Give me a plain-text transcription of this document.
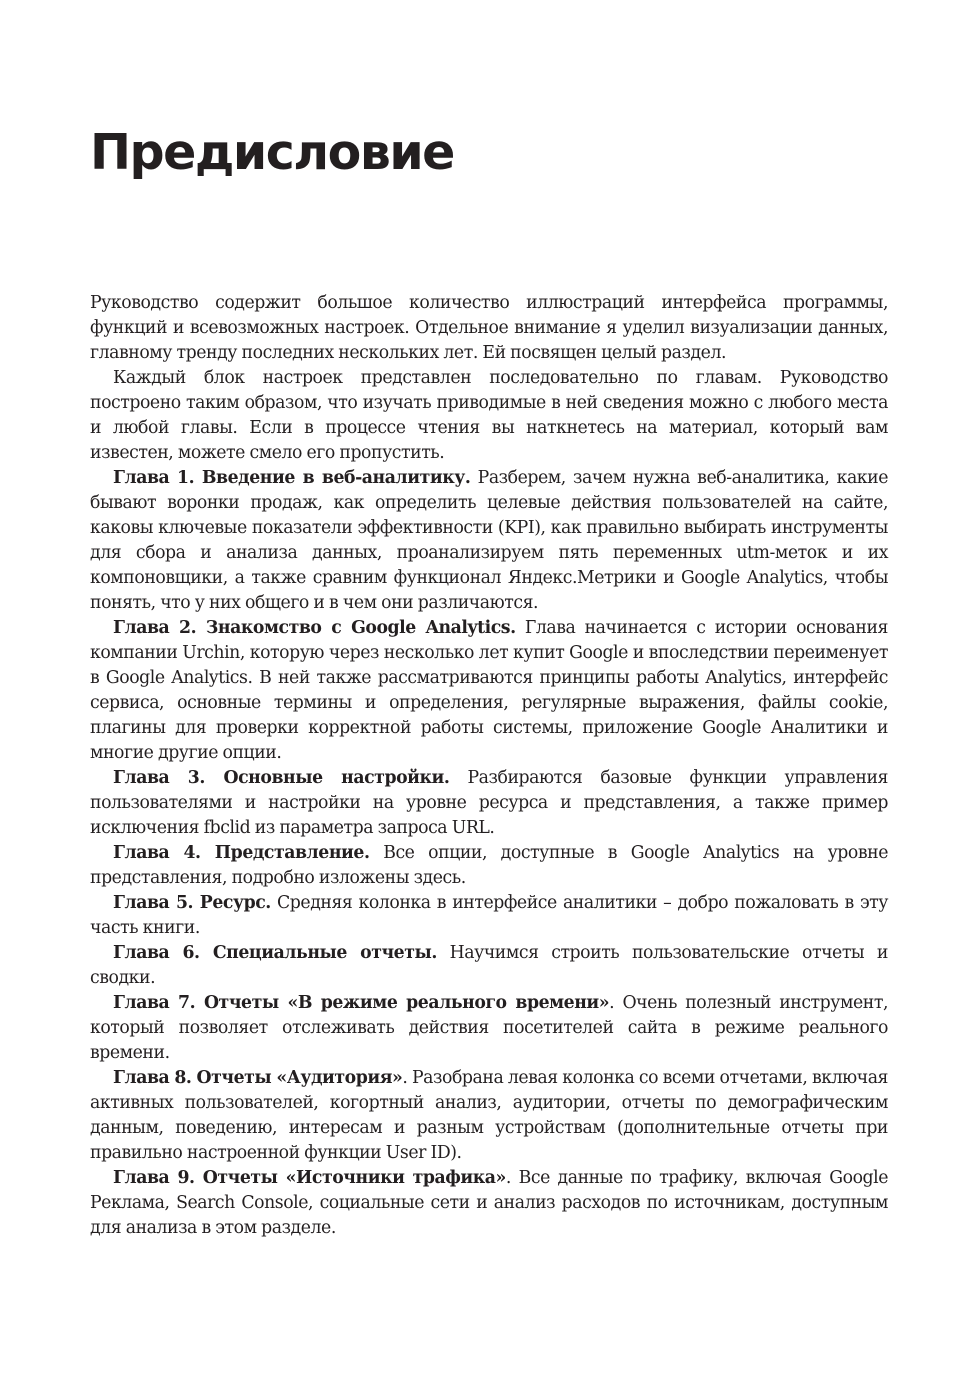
Предисловие

Руководство содержит большое количество иллюстраций интерфейса программы, функций и всевозможных настроек. Отдельное внимание я уделил визуализации данных, главному тренду последних нескольких лет. Ей посвящен целый раздел.

Каждый блок настроек представлен последовательно по главам. Руководство построено таким образом, что изучать приводимые в ней сведения можно с любого места и любой главы. Если в процессе чтения вы наткнетесь на материал, который вам известен, можете смело его пропустить.

Глава 1. Введение в веб-аналитику. Разберем, зачем нужна веб-аналитика, какие бывают воронки продаж, как определить целевые действия пользователей на сайте, каковы ключевые показатели эффективности (KPI), как правильно выбирать инструменты для сбора и анализа данных, проанализируем пять переменных utm-меток и их компоновщики, а также сравним функционал Яндекс.Метрики и Google Analytics, чтобы понять, что у них общего и в чем они различаются.

Глава 2. Знакомство с Google Analytics. Глава начинается с истории основания компании Urchin, которую через несколько лет купит Google и впоследствии переименует в Google Analytics. В ней также рассматриваются принципы работы Analytics, интерфейс сервиса, основные термины и определения, регулярные выражения, файлы cookie, плагины для проверки корректной работы системы, приложение Google Аналитики и многие другие опции.

Глава 3. Основные настройки. Разбираются базовые функции управления пользователями и настройки на уровне ресурса и представления, а также пример исключения fbclid из параметра запроса URL.

Глава 4. Представление. Все опции, доступные в Google Analytics на уровне представления, подробно изложены здесь.

Глава 5. Ресурс. Средняя колонка в интерфейсе аналитики – добро пожаловать в эту часть книги.

Глава 6. Специальные отчеты. Научимся строить пользовательские отчеты и сводки.

Глава 7. Отчеты «В режиме реального времени». Очень полезный инструмент, который позволяет отслеживать действия посетителей сайта в режиме реального времени.

Глава 8. Отчеты «Аудитория». Разобрана левая колонка со всеми отчетами, включая активных пользователей, когортный анализ, аудитории, отчеты по демографическим данным, поведению, интересам и разным устройствам (дополнительные отчеты при правильно настроенной функции User ID).

Глава 9. Отчеты «Источники трафика». Все данные по трафику, включая Google Реклама, Search Console, социальные сети и анализ расходов по источникам, доступным для анализа в этом разделе.
